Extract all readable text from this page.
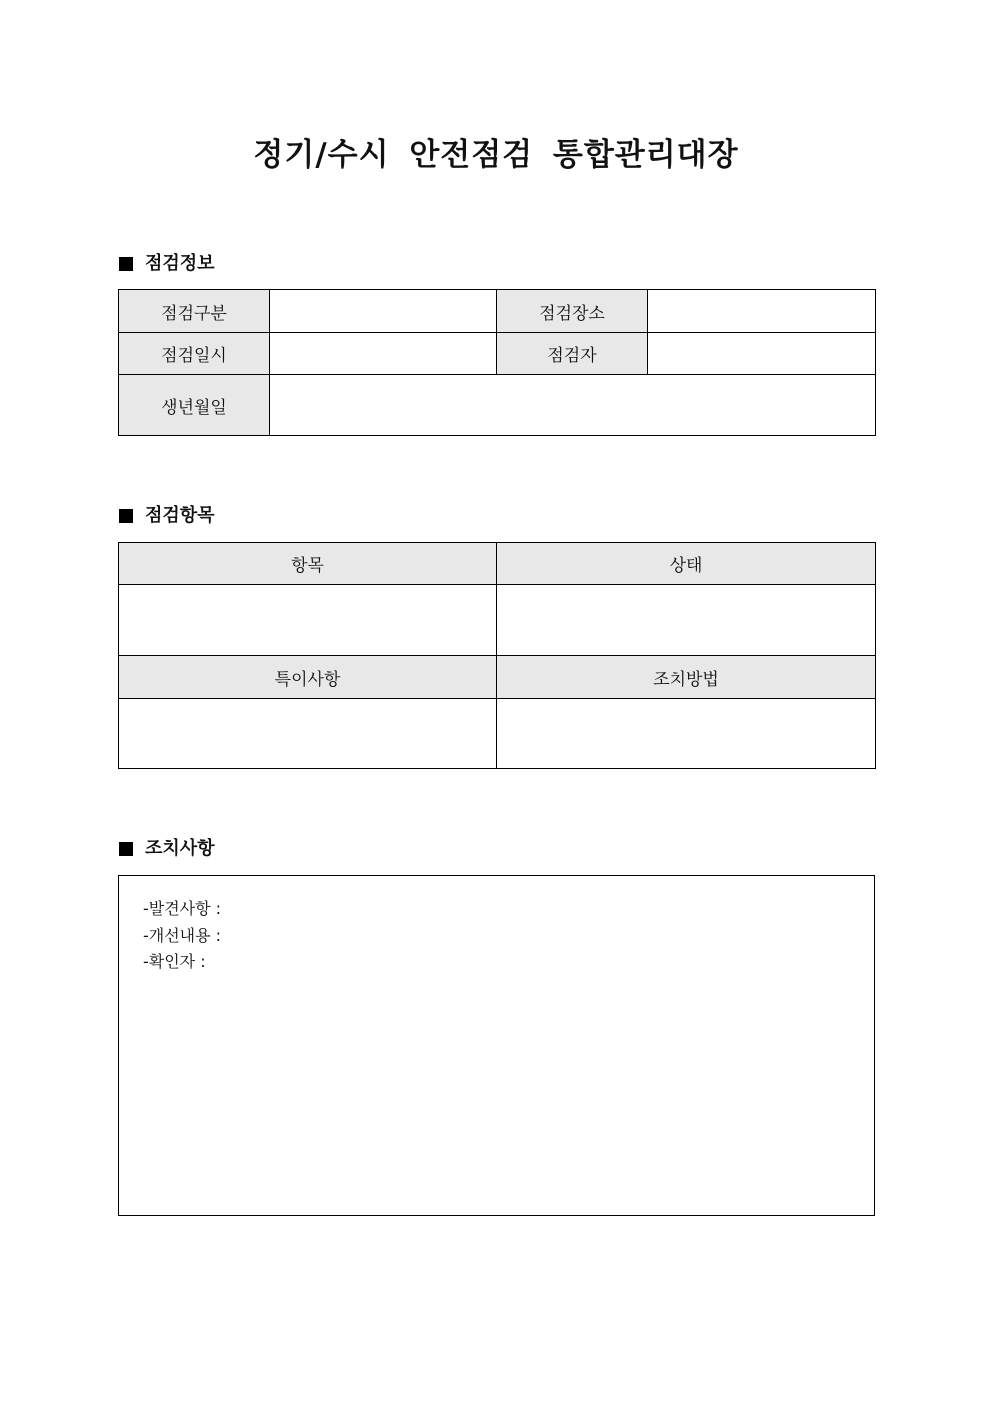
정기/수시 안전점검 통합관리대장
점검정보
점검구분		점검장소	
점검일시		점검자	
생년월일			
점검항목
항목	상태

특이사항	조치방법

조치사항
-발견사항 :
-개선내용 :
-확인자 :
